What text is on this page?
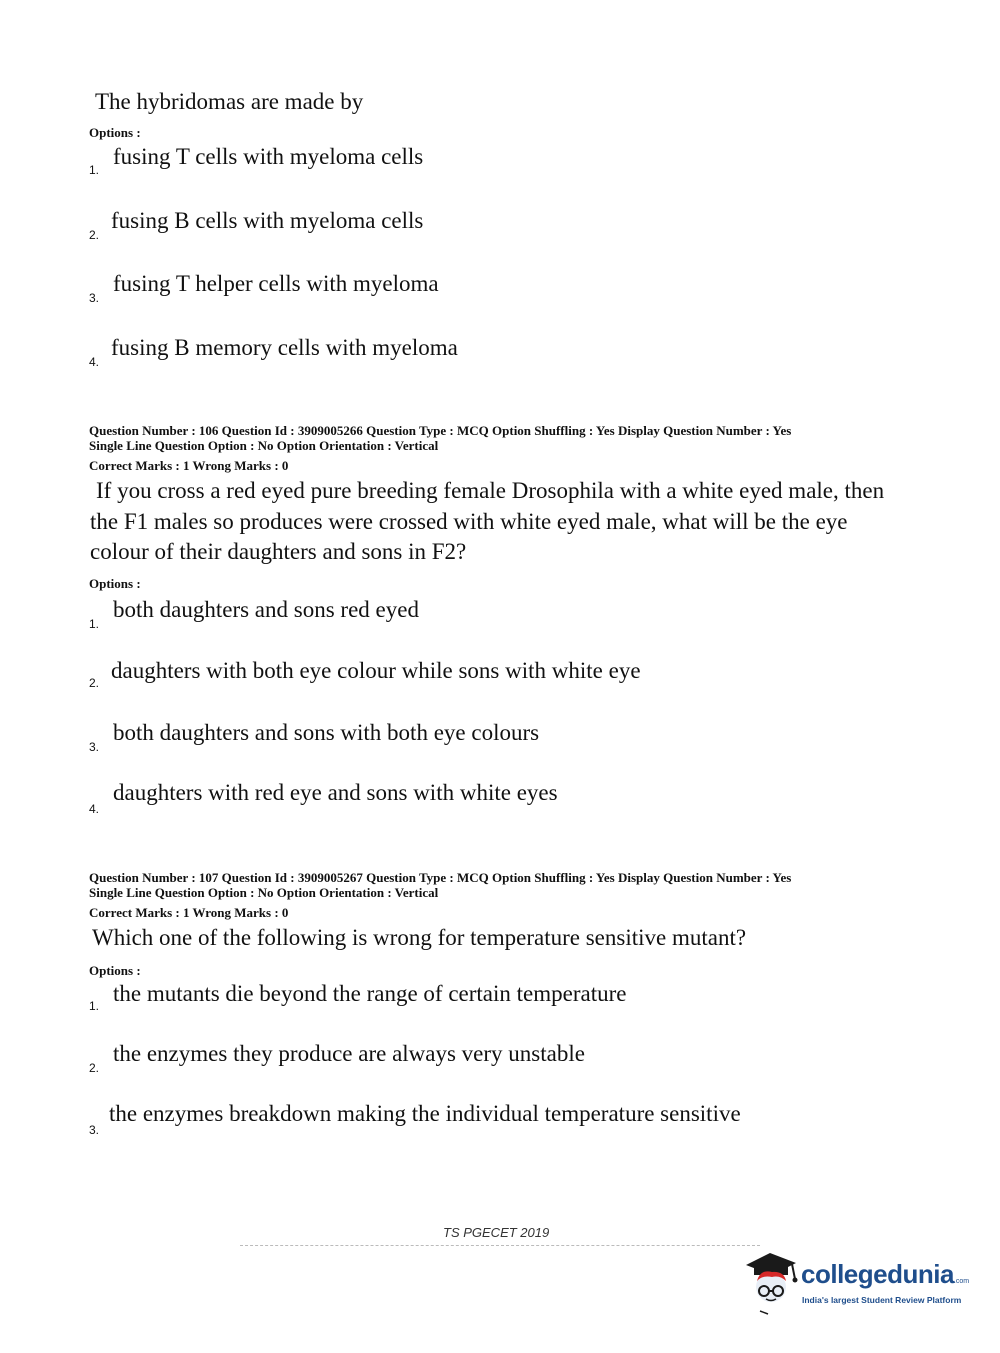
The hybridomas are made by

Options :
1.
fusing T cells with myeloma cells
2.
fusing B cells with myeloma cells
3.
fusing T helper cells with myeloma
4.
fusing B memory cells with myeloma
Question Number : 106 Question Id : 3909005266 Question Type : MCQ Option Shuffling : Yes Display Question Number : Yes
Single Line Question Option : No Option Orientation : Vertical
Correct Marks : 1 Wrong Marks : 0

If you cross a red eyed pure breeding female Drosophila with a white eyed male, then

the F1 males so produces were crossed with white eyed male, what will be the eye

colour of their daughters and sons in F2?

Options :
1.
both daughters and sons red eyed
2. daughters with both eye colour while sons with white eye
3.
both daughters and sons with both eye colours
4.
daughters with red eye and sons with white eyes
Question Number : 107 Question Id : 3909005267 Question Type : MCQ Option Shuffling : Yes Display Question Number : Yes
Single Line Question Option : No Option Orientation : Vertical
Correct Marks : 1 Wrong Marks : 0

Which one of the following is wrong for temperature sensitive mutant?

Options :
1. the mutants die beyond the range of certain temperature
2.
the enzymes they produce are always very unstable
3.
the enzymes breakdown making the individual temperature sensitive
TS PGECET 2019
collegedunia.com
India's largest Student Review Platform
